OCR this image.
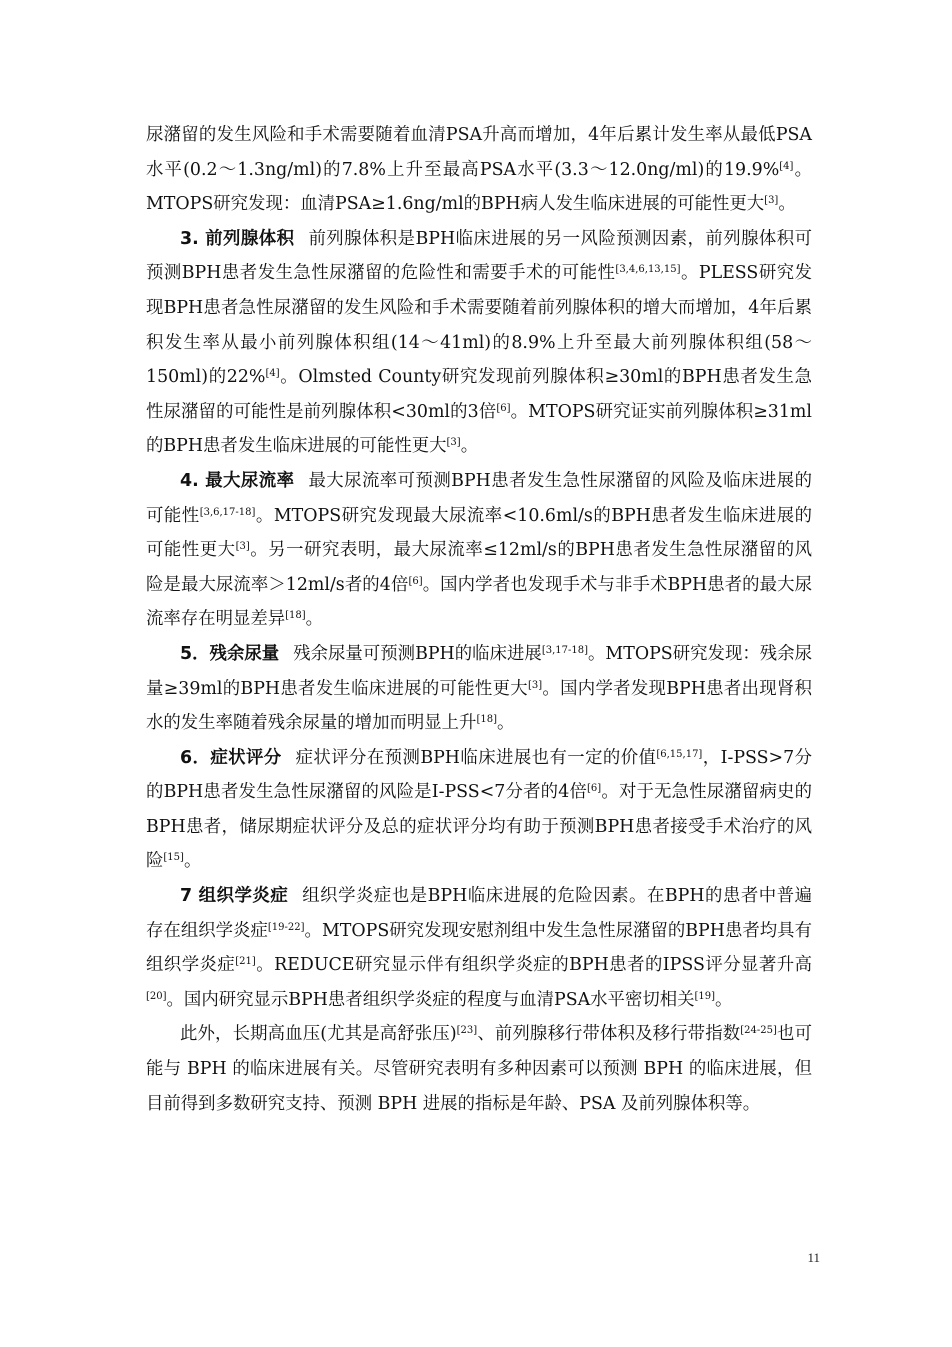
尿潴留的发生风险和手术需要随着血清PSA升高而增加，4年后累计发生率从最低PSA水平(0.2～1.3ng/ml)的7.8%上升至最高PSA水平(3.3～12.0ng/ml)的19.9%[4]。MTOPS研究发现：血清PSA≥1.6ng/ml的BPH病人发生临床进展的可能性更大[3]。

3. 前列腺体积 前列腺体积是BPH临床进展的另一风险预测因素，前列腺体积可预测BPH患者发生急性尿潴留的危险性和需要手术的可能性[3,4,6,13,15]。PLESS研究发现BPH患者急性尿潴留的发生风险和手术需要随着前列腺体积的增大而增加，4年后累积发生率从最小前列腺体积组(14～41ml)的8.9%上升至最大前列腺体积组(58～150ml)的22%[4]。Olmsted County研究发现前列腺体积≥30ml的BPH患者发生急性尿潴留的可能性是前列腺体积<30ml的3倍[6]。MTOPS研究证实前列腺体积≥31ml的BPH患者发生临床进展的可能性更大[3]。

4. 最大尿流率 最大尿流率可预测BPH患者发生急性尿潴留的风险及临床进展的可能性[3,6,17-18]。MTOPS研究发现最大尿流率<10.6ml/s的BPH患者发生临床进展的可能性更大[3]。另一研究表明，最大尿流率≤12ml/s的BPH患者发生急性尿潴留的风险是最大尿流率＞12ml/s者的4倍[6]。国内学者也发现手术与非手术BPH患者的最大尿流率存在明显差异[18]。

5．残余尿量 残余尿量可预测BPH的临床进展[3,17-18]。MTOPS研究发现：残余尿量≥39ml的BPH患者发生临床进展的可能性更大[3]。国内学者发现BPH患者出现肾积水的发生率随着残余尿量的增加而明显上升[18]。

6．症状评分 症状评分在预测BPH临床进展也有一定的价值[6,15,17]，I-PSS>7分的BPH患者发生急性尿潴留的风险是I-PSS<7分者的4倍[6]。对于无急性尿潴留病史的BPH患者，储尿期症状评分及总的症状评分均有助于预测BPH患者接受手术治疗的风险[15]。

7 组织学炎症 组织学炎症也是BPH临床进展的危险因素。在BPH的患者中普遍存在组织学炎症[19-22]。MTOPS研究发现安慰剂组中发生急性尿潴留的BPH患者均具有组织学炎症[21]。REDUCE研究显示伴有组织学炎症的BPH患者的IPSS评分显著升高[20]。国内研究显示BPH患者组织学炎症的程度与血清PSA水平密切相关[19]。

此外，长期高血压(尤其是高舒张压)[23]、前列腺移行带体积及移行带指数[24-25]也可能与 BPH 的临床进展有关。尽管研究表明有多种因素可以预测 BPH 的临床进展，但目前得到多数研究支持、预测 BPH 进展的指标是年龄、PSA 及前列腺体积等。

11
